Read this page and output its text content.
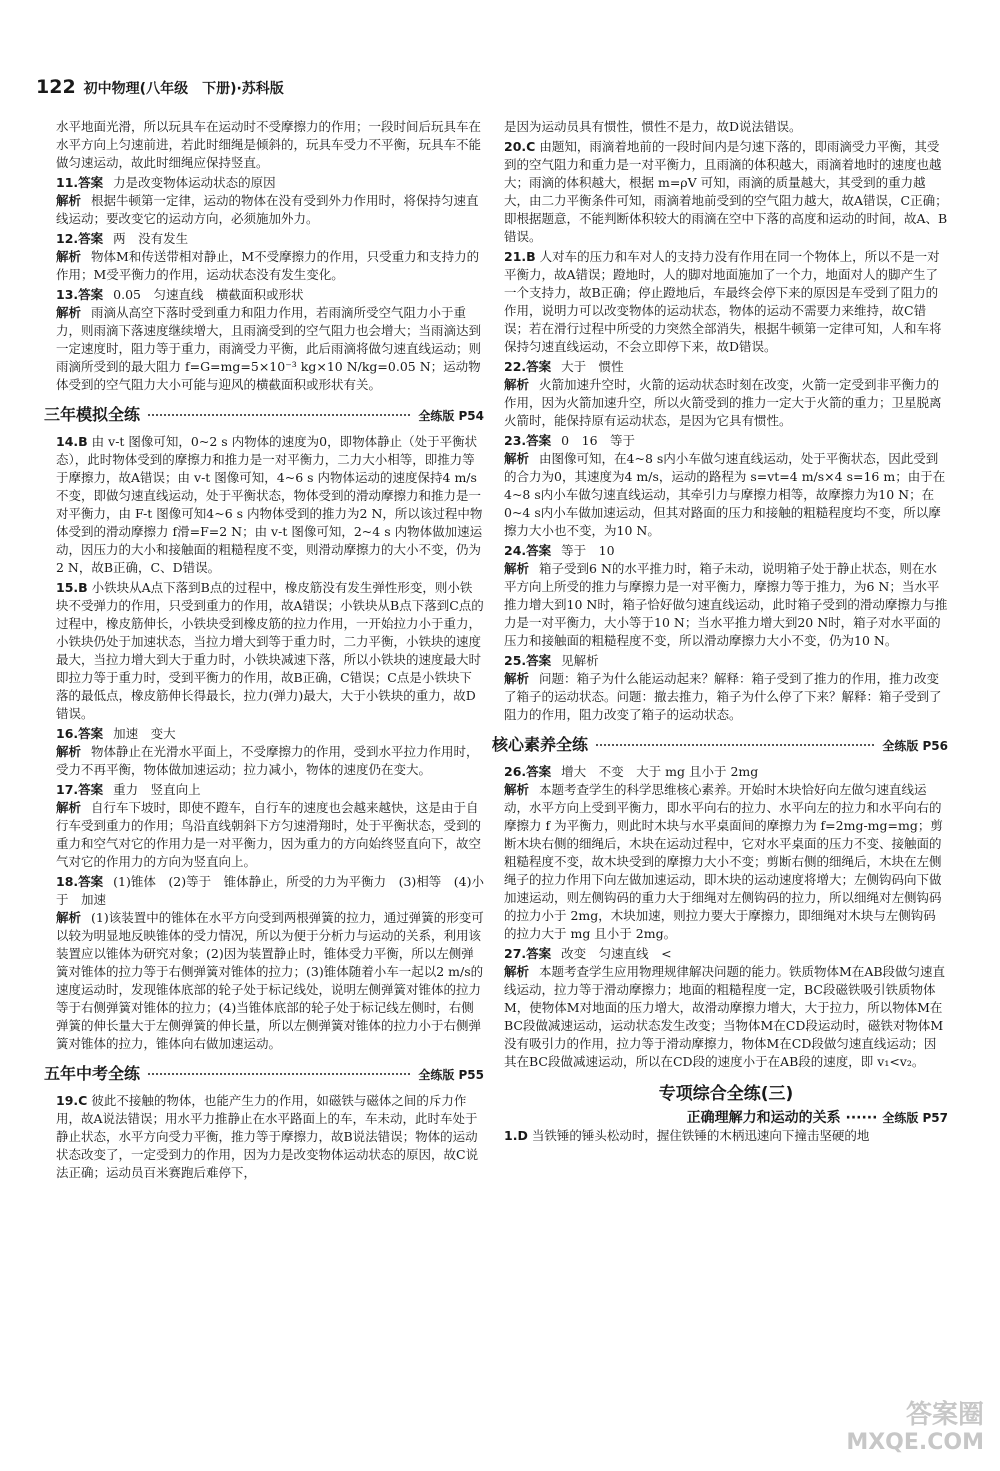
122 初中物理(八年级　下册)·苏科版

水平地面光滑，所以玩具车在运动时不受摩擦力的作用；一段时间后玩具车在水平方向上匀速前进，若此时细绳是倾斜的，玩具车受力不平衡，玩具车不能做匀速运动，故此时细绳应保持竖直。

11.答案 力是改变物体运动状态的原因
解析 根据牛顿第一定律，运动的物体在没有受到外力作用时，将保持匀速直线运动；要改变它的运动方向，必须施加外力。
12.答案 两　没有发生
解析 物体M和传送带相对静止，M不受摩擦力的作用，只受重力和支持力的作用；M受平衡力的作用，运动状态没有发生变化。
13.答案 0.05　匀速直线　横截面积或形状
解析 雨滴从高空下落时受到重力和阻力作用，若雨滴所受空气阻力小于重力，则雨滴下落速度继续增大，且雨滴受到的空气阻力也会增大；当雨滴达到一定速度时，阻力等于重力，雨滴受力平衡，此后雨滴将做匀速直线运动；则雨滴所受到的最大阻力 f=G=mg=5×10⁻³ kg×10 N/kg=0.05 N；运动物体受到的空气阻力大小可能与迎风的横截面积或形状有关。
三年模拟全练	全练版 P54
14.B 由 v-t 图像可知，0~2 s 内物体的速度为0，即物体静止（处于平衡状态），此时物体受到的摩擦力和推力是一对平衡力，二力大小相等，即推力等于摩擦力，故A错误；由 v-t 图像可知，4~6 s 内物体运动的速度保持4 m/s不变，即做匀速直线运动，处于平衡状态，物体受到的滑动摩擦力和推力是一对平衡力，由 F-t 图像可知4~6 s 内物体受到的推力为2 N，所以该过程中物体受到的滑动摩擦力 f滑=F=2 N；由 v-t 图像可知，2~4 s 内物体做加速运动，因压力的大小和接触面的粗糙程度不变，则滑动摩擦力的大小不变，仍为2 N，故B正确，C、D错误。
15.B 小铁块从A点下落到B点的过程中，橡皮筋没有发生弹性形变，则小铁块不受弹力的作用，只受到重力的作用，故A错误；小铁块从B点下落到C点的过程中，橡皮筋伸长，小铁块受到橡皮筋的拉力作用，一开始拉力小于重力，小铁块仍处于加速状态，当拉力增大到等于重力时，二力平衡，小铁块的速度最大，当拉力增大到大于重力时，小铁块减速下落，所以小铁块的速度最大时即拉力等于重力时，受到平衡力的作用，故B正确，C错误；C点是小铁块下落的最低点，橡皮筋伸长得最长，拉力(弹力)最大，大于小铁块的重力，故D错误。
16.答案 加速　变大
解析 物体静止在光滑水平面上，不受摩擦力的作用，受到水平拉力作用时，受力不再平衡，物体做加速运动；拉力减小，物体的速度仍在变大。
17.答案 重力　竖直向上
解析 自行车下坡时，即使不蹬车，自行车的速度也会越来越快，这是由于自行车受到重力的作用；鸟沿直线朝斜下方匀速滑翔时，处于平衡状态，受到的重力和空气对它的作用力是一对平衡力，因为重力的方向始终竖直向下，故空气对它的作用力的方向为竖直向上。
18.答案 (1)锥体　(2)等于　锥体静止，所受的力为平衡力　(3)相等　(4)小于　加速
解析 (1)该装置中的锥体在水平方向受到两根弹簧的拉力，通过弹簧的形变可以较为明显地反映锥体的受力情况，所以为便于分析力与运动的关系，利用该装置应以锥体为研究对象；(2)因为装置静止时，锥体受力平衡，所以左侧弹簧对锥体的拉力等于右侧弹簧对锥体的拉力；(3)锥体随着小车一起以2 m/s的速度运动时，发现锥体底部的轮子处于标记线处，说明左侧弹簧对锥体的拉力等于右侧弹簧对锥体的拉力；(4)当锥体底部的轮子处于标记线左侧时，右侧弹簧的伸长量大于左侧弹簧的伸长量，所以左侧弹簧对锥体的拉力小于右侧弹簧对锥体的拉力，锥体向右做加速运动。
五年中考全练	全练版 P55
19.C 彼此不接触的物体，也能产生力的作用，如磁铁与磁体之间的斥力作用，故A说法错误；用水平力推静止在水平路面上的车，车未动，此时车处于静止状态，水平方向受力平衡，推力等于摩擦力，故B说法错误；物体的运动状态改变了，一定受到力的作用，因为力是改变物体运动状态的原因，故C说法正确；运动员百米赛跑后难停下，

是因为运动员具有惯性，惯性不是力，故D说法错误。

20.C 由题知，雨滴着地前的一段时间内是匀速下落的，即雨滴受力平衡，其受到的空气阻力和重力是一对平衡力，且雨滴的体积越大，雨滴着地时的速度也越大；雨滴的体积越大，根据 m=ρV 可知，雨滴的质量越大，其受到的重力越大，由二力平衡条件可知，雨滴着地前受到的空气阻力越大，故A错误，C正确；即根据题意，不能判断体积较大的雨滴在空中下落的高度和运动的时间，故A、B错误。
21.B 人对车的压力和车对人的支持力没有作用在同一个物体上，所以不是一对平衡力，故A错误；蹬地时，人的脚对地面施加了一个力，地面对人的脚产生了一个支持力，故B正确；停止蹬地后，车最终会停下来的原因是车受到了阻力的作用，说明力可以改变物体的运动状态，物体的运动不需要力来维持，故C错误；若在滑行过程中所受的力突然全部消失，根据牛顿第一定律可知，人和车将保持匀速直线运动，不会立即停下来，故D错误。
22.答案 大于　惯性
解析 火箭加速升空时，火箭的运动状态时刻在改变，火箭一定受到非平衡力的作用，因为火箭加速升空，所以火箭受到的推力一定大于火箭的重力；卫星脱离火箭时，能保持原有运动状态，是因为它具有惯性。
23.答案 0　16　等于
解析 由图像可知，在4~8 s内小车做匀速直线运动，处于平衡状态，因此受到的合力为0，其速度为4 m/s，运动的路程为 s=vt=4 m/s×4 s=16 m；由于在4~8 s内小车做匀速直线运动，其牵引力与摩擦力相等，故摩擦力为10 N；在0~4 s内小车做加速运动，但其对路面的压力和接触的粗糙程度均不变，所以摩擦力大小也不变，为10 N。
24.答案 等于　10
解析 箱子受到6 N的水平推力时，箱子未动，说明箱子处于静止状态，则在水平方向上所受的推力与摩擦力是一对平衡力，摩擦力等于推力，为6 N；当水平推力增大到10 N时，箱子恰好做匀速直线运动，此时箱子受到的滑动摩擦力与推力是一对平衡力，大小等于10 N；当水平推力增大到20 N时，箱子对水平面的压力和接触面的粗糙程度不变，所以滑动摩擦力大小不变，仍为10 N。
25.答案 见解析
解析 问题：箱子为什么能运动起来？解释：箱子受到了推力的作用，推力改变了箱子的运动状态。问题：撤去推力，箱子为什么停了下来？解释：箱子受到了阻力的作用，阻力改变了箱子的运动状态。
核心素养全练	全练版 P56
26.答案 增大　不变　大于 mg 且小于 2mg
解析 本题考查学生的科学思维核心素养。开始时木块恰好向左做匀速直线运动，水平方向上受到平衡力，即水平向右的拉力、水平向左的拉力和水平向右的摩擦力 f 为平衡力，则此时木块与水平桌面间的摩擦力为 f=2mg-mg=mg；剪断木块右侧的细绳后，木块在运动过程中，它对水平桌面的压力不变、接触面的粗糙程度不变，故木块受到的摩擦力大小不变；剪断右侧的细绳后，木块在左侧绳子的拉力作用下向左做加速运动，即木块的运动速度将增大；左侧钩码向下做加速运动，则左侧钩码的重力大于细绳对左侧钩码的拉力，所以细绳对左侧钩码的拉力小于 2mg，木块加速，则拉力要大于摩擦力，即细绳对木块与左侧钩码的拉力大于 mg 且小于 2mg。
27.答案 改变　匀速直线　<
解析 本题考查学生应用物理规律解决问题的能力。铁质物体M在AB段做匀速直线运动，拉力等于滑动摩擦力；地面的粗糙程度一定，BC段磁铁吸引铁质物体M，使物体M对地面的压力增大，故滑动摩擦力增大，大于拉力，所以物体M在BC段做减速运动，运动状态发生改变；当物体M在CD段运动时，磁铁对物体M没有吸引力的作用，拉力等于滑动摩擦力，物体M在CD段做匀速直线运动；因其在BC段做减速运动，所以在CD段的速度小于在AB段的速度，即 v₁<v₂。
专项综合全练(三)
正确理解力和运动的关系 ······ 全练版 P57
1.D 当铁锤的锤头松动时，握住铁锤的木柄迅速向下撞击坚硬的地
答案圈
MXQE.COM
